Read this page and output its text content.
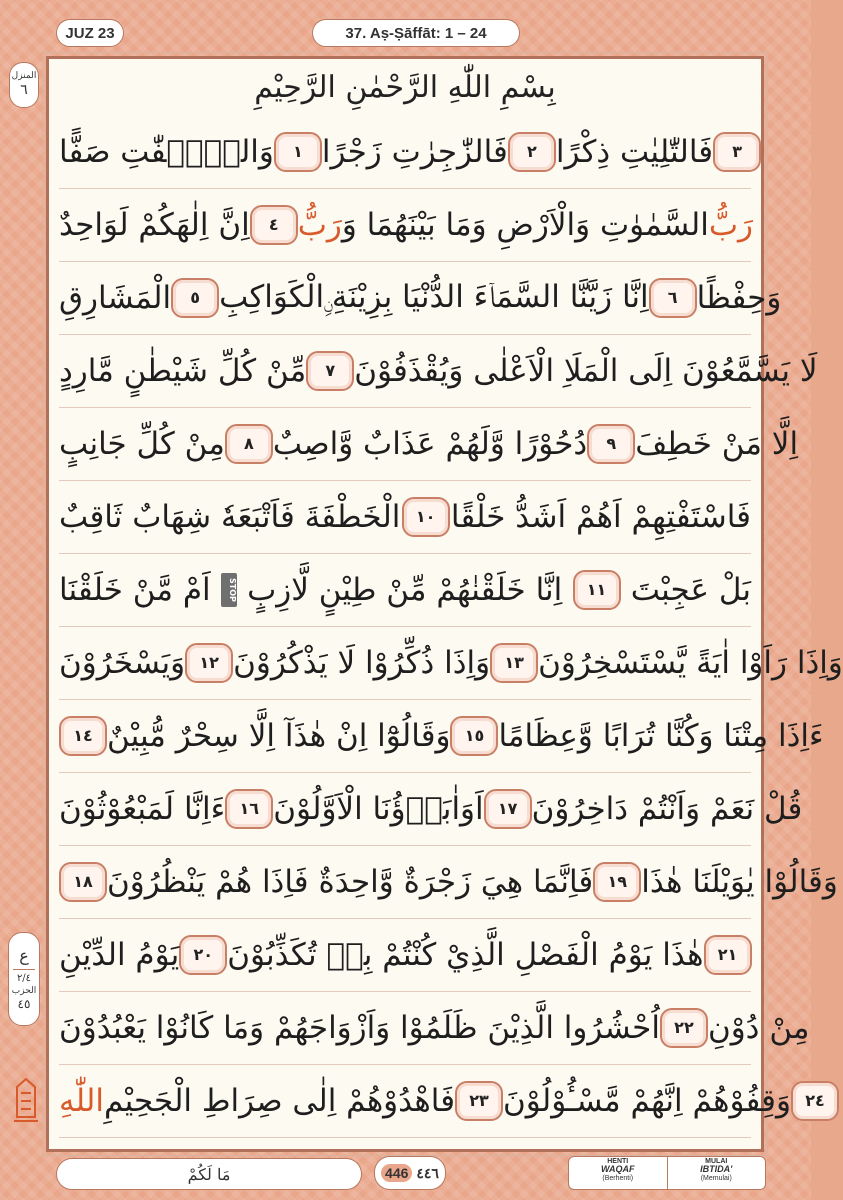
JUZ 23	37. Aṣ-Ṣāffāt: 1 – 24
المنزل
٦
ع
٢/٤
الحزب
٤٥
بِسْمِ اللّٰهِ الرَّحْمٰنِ الرَّحِيْمِ
وَالصّٰۤفّٰتِ صَفًّا	١ فَالزّٰجِرٰتِ زَجْرًا	٢ فَالتّٰلِيٰتِ ذِكْرًا	٣
اِنَّ اِلٰهَكُمْ لَوَاحِدٌ	٤ رَبُّ السَّمٰوٰتِ وَالْاَرْضِ وَمَا بَيْنَهُمَا وَ رَبُّ
الْمَشَارِقِ	٥ اِنَّا زَيَّنَّا السَّمَاۤءَ الدُّنْيَا بِزِيْنَةِ ࣙالْكَوَاكِبِ	٦ وَحِفْظًا
مِّنْ كُلِّ شَيْطٰنٍ مَّارِدٍ	٧ لَا يَسَّمَّعُوْنَ اِلَى الْمَلَاِ الْاَعْلٰى وَيُقْذَفُوْنَ
مِنْ كُلِّ جَانِبٍ	٨ دُحُوْرًا وَّلَهُمْ عَذَابٌ وَّاصِبٌ	٩ اِلَّا مَنْ خَطِفَ
الْخَطْفَةَ فَاَتْبَعَهٗ شِهَابٌ ثَاقِبٌ ١٠ فَاسْتَفْتِهِمْ اَهُمْ اَشَدُّ خَلْقًا
اَمْ مَّنْ خَلَقْنَا	STOP اِنَّا خَلَقْنٰهُمْ مِّنْ طِيْنٍ لَّازِبٍ	١١ بَلْ عَجِبْتَ
وَيَسْخَرُوْنَ ١٢ وَاِذَا ذُكِّرُوْا لَا يَذْكُرُوْنَ ١٣ وَاِذَا رَاَوْا اٰيَةً يَّسْتَسْخِرُوْنَ
١٤ وَقَالُوْٓا اِنْ هٰذَآ اِلَّا سِحْرٌ مُّبِيْنٌ ١٥ ءَاِذَا مِتْنَا وَكُنَّا تُرَابًا وَّعِظَامًا
ءَاِنَّا لَمَبْعُوْثُوْنَ ١٦ اَوَاٰبَاۤؤُنَا الْاَوَّلُوْنَ ١٧ قُلْ نَعَمْ وَاَنْتُمْ دَاخِرُوْنَ
١٨ فَاِنَّمَا هِيَ زَجْرَةٌ وَّاحِدَةٌ فَاِذَا هُمْ يَنْظُرُوْنَ ١٩ وَقَالُوْا يٰوَيْلَنَا هٰذَا
يَوْمُ الدِّيْنِ ٢٠ هٰذَا يَوْمُ الْفَصْلِ الَّذِيْ كُنْتُمْ بِهٖ تُكَذِّبُوْنَ ٢١
اُحْشُرُوا الَّذِيْنَ ظَلَمُوْا وَاَزْوَاجَهُمْ وَمَا كَانُوْا يَعْبُدُوْنَ ٢٢ مِنْ دُوْنِ
اللّٰهِ فَاهْدُوْهُمْ اِلٰى صِرَاطِ الْجَحِيْمِ ٢٣ وَقِفُوْهُمْ اِنَّهُمْ مَّسْـُٔوْلُوْنَ ٢٤
مَا لَكُمْ	446 ٤٤٦
HENTI
WAQAF
(Berhenti)
MULAI
IBTIDA'
(Memulai)
